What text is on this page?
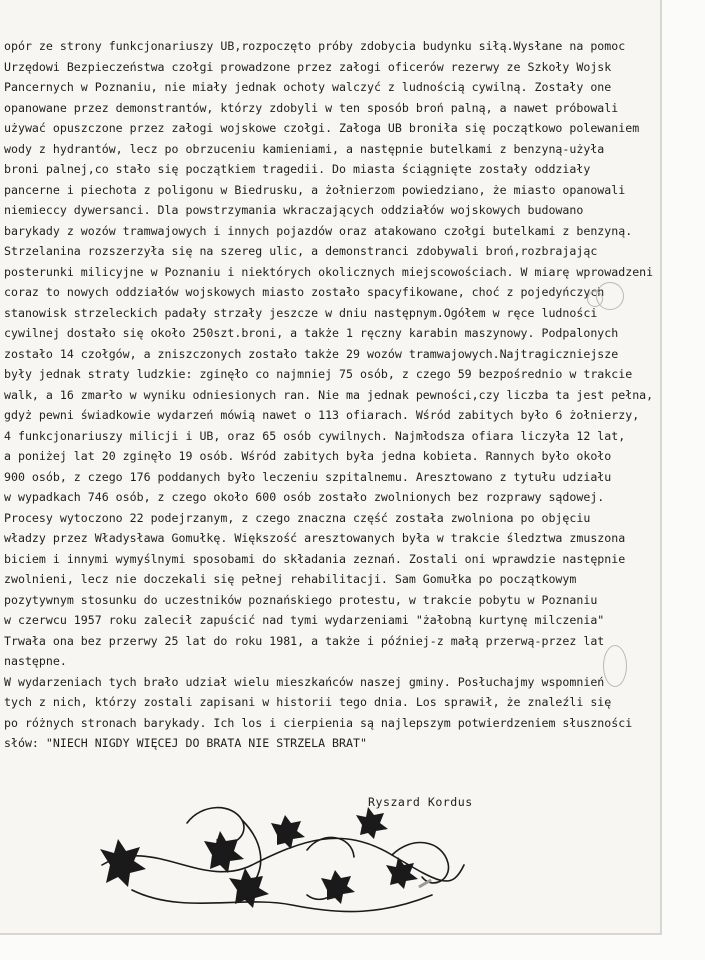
opór ze strony funkcjonariuszy UB,rozpoczęto próby zdobycia budynku siłą.Wysłane na pomoc
Urzędowi Bezpieczeństwa czołgi prowadzone przez załogi oficerów rezerwy ze Szkoły Wojsk
Pancernych w Poznaniu, nie miały jednak ochoty walczyć z ludnością cywilną. Zostały one
opanowane przez demonstrantów, którzy zdobyli w ten sposób broń palną, a nawet próbowali
używać opuszczone przez załogi wojskowe czołgi. Załoga UB broniła się początkowo polewaniem
wody z hydrantów, lecz po obrzuceniu kamieniami, a następnie butelkami z benzyną-użyła
broni palnej,co stało się początkiem tragedii. Do miasta ściągnięte zostały oddziały
pancerne i piechota z poligonu w Biedrusku, a żołnierzom powiedziano, że miasto opanowali
niemieccy dywersanci. Dla powstrzymania wkraczających oddziałów wojskowych budowano
barykady z wozów tramwajowych i innych pojazdów oraz atakowano czołgi butelkami z benzyną.
Strzelanina rozszerzyła się na szereg ulic, a demonstranci zdobywali broń,rozbrajając
posterunki milicyjne w Poznaniu i niektórych okolicznych miejscowościach. W miarę wprowadzeni
coraz to nowych oddziałów wojskowych miasto zostało spacyfikowane, choć z pojedyńczych
stanowisk strzeleckich padały strzały jeszcze w dniu następnym.Ogółem w ręce ludności
cywilnej dostało się około 250szt.broni, a także 1 ręczny karabin maszynowy. Podpalonych
zostało 14 czołgów, a zniszczonych zostało także 29 wozów tramwajowych.Najtragiczniejsze
były jednak straty ludzkie: zginęło co najmniej 75 osób, z czego 59 bezpośrednio w trakcie
walk, a 16 zmarło w wyniku odniesionych ran. Nie ma jednak pewności,czy liczba ta jest pełna,
gdyż pewni świadkowie wydarzeń mówią nawet o 113 ofiarach. Wśród zabitych było 6 żołnierzy,
4 funkcjonariuszy milicji i UB, oraz 65 osób cywilnych. Najmłodsza ofiara liczyła 12 lat,
a poniżej lat 20 zginęło 19 osób. Wśród zabitych była jedna kobieta. Rannych było około
900 osób, z czego 176 poddanych było leczeniu szpitalnemu. Aresztowano z tytułu udziału
w wypadkach 746 osób, z czego około 600 osób zostało zwolnionych bez rozprawy sądowej.
Procesy wytoczono 22 podejrzanym, z czego znaczna część została zwolniona po objęciu
władzy przez Władysława Gomułkę. Większość aresztowanych była w trakcie śledztwa zmuszona
biciem i innymi wymyślnymi sposobami do składania zeznań. Zostali oni wprawdzie następnie
zwolnieni, lecz nie doczekali się pełnej rehabilitacji. Sam Gomułka po początkowym
pozytywnym stosunku do uczestników poznańskiego protestu, w trakcie pobytu w Poznaniu
w czerwcu 1957 roku zalecił zapuścić nad tymi wydarzeniami "żałobną kurtynę milczenia"
Trwała ona bez przerwy 25 lat do roku 1981, a także i później-z małą przerwą-przez lat
następne.
W wydarzeniach tych brało udział wielu mieszkańców naszej gminy. Posłuchajmy wspomnień
tych z nich, którzy zostali zapisani w historii tego dnia. Los sprawił, że znaleźli się
po różnych stronach barykady. Ich los i cierpienia są najlepszym potwierdzeniem słuszności
słów: "NIECH NIGDY WIĘCEJ DO BRATA NIE STRZELA BRAT"
Ryszard Kordus
